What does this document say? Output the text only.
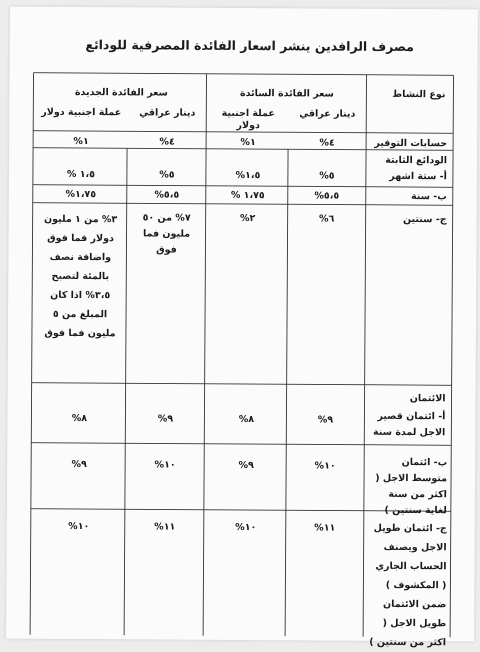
مصرف الرافدين ينشر اسعار الفائدة المصرفية للودائع
نوع النشاط
سعر الفائدة السائدة
سعر الفائدة الجديدة
دينار عراقي
عملة اجنبية
دولار
دينار عراقي
عملة اجنبية دولار
حسابات التوفير
٤%
١%
٤%
١%
الودائع الثابتة
أ- ستة اشهر
٥%
١،٥%
٥%
١،٥ %
ب- سنة
٥،٥%
١،٧٥ %
٥،٥%
١،٧٥%
ج- سنتين
٦%
٢%
٧% من ٥٠ مليون فما فوق
٣% من ١ مليون دولار فما فوق واضافة نصف بالمئة لتصبح ٣،٥% اذا كان المبلغ من ٥ مليون فما فوق
الائتمان
أ- ائتمان قصير الاجل لمدة سنة
٩%
٨%
٩%
٨%
ب- ائتمان متوسط الاجل ( اكثر من سنة لغاية سنتين )
١٠%
٩%
١٠%
٩%
ج- ائتمان طويل الاجل ويصنف الحساب الجاري ( المكشوف ) ضمن الائتمان طويل الاجل ( اكثر من سنتين )
١١%
١٠%
١١%
١٠%
